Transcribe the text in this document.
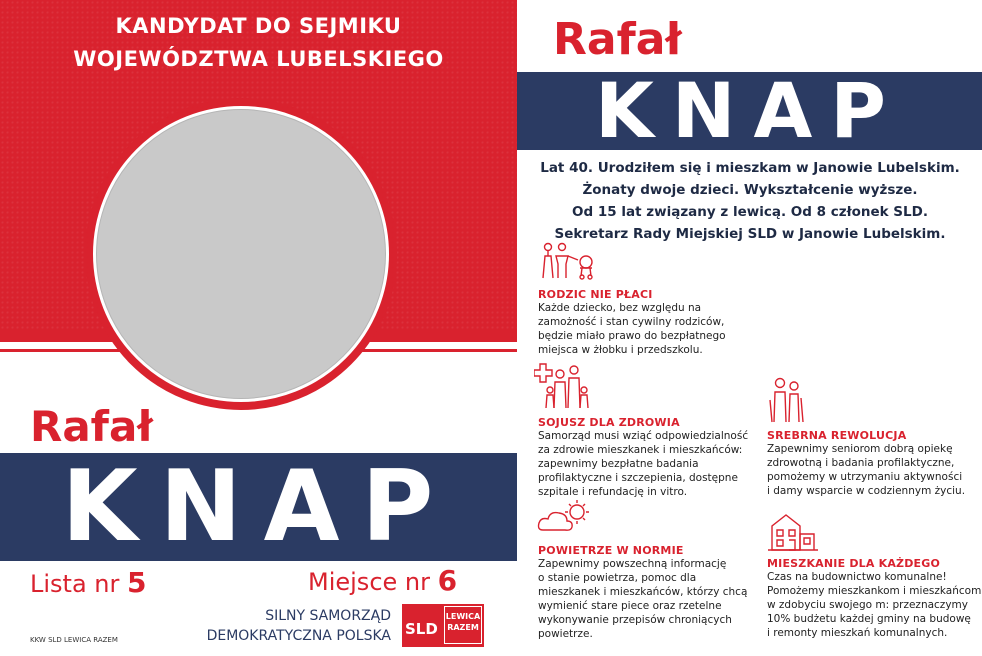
KANDYDAT DO SEJMIKU
WOJEWÓDZTWA LUBELSKIEGO
Rafał
KNAP
Lista nr 5	Miejsce nr 6
SILNY SAMORZĄD
DEMOKRATYCZNA POLSKA SLD
LEWICA
RAZEM
KKW SLD LEWICA RAZEM
Rafał
KNAP
Lat 40. Urodziłem się i mieszkam w Janowie Lubelskim.
Żonaty dwoje dzieci. Wykształcenie wyższe.
Od 15 lat związany z lewicą. Od 8 członek SLD.
Sekretarz Rady Miejskiej SLD w Janowie Lubelskim.
RODZIC NIE PŁACI
Każde dziecko, bez względu na
zamożność i stan cywilny rodziców,
będzie miało prawo do bezpłatnego
miejsca w żłobku i przedszkolu.
SOJUSZ DLA ZDROWIA
Samorząd musi wziąć odpowiedzialność
za zdrowie mieszkanek i mieszkańców:
zapewnimy bezpłatne badania
profilaktyczne i szczepienia, dostępne
szpitale i refundację in vitro.
SREBRNA REWOLUCJA
Zapewnimy seniorom dobrą opiekę
zdrowotną i badania profilaktyczne,
pomożemy w utrzymaniu aktywności
i damy wsparcie w codziennym życiu.
POWIETRZE W NORMIE
Zapewnimy powszechną informację
o stanie powietrza, pomoc dla
mieszkanek i mieszkańców, którzy chcą
wymienić stare piece oraz rzetelne
wykonywanie przepisów chroniących
powietrze.
MIESZKANIE DLA KAŻDEGO
Czas na budownictwo komunalne!
Pomożemy mieszkankom i mieszkańcom
w zdobyciu swojego m: przeznaczymy
10% budżetu każdej gminy na budowę
i remonty mieszkań komunalnych.
